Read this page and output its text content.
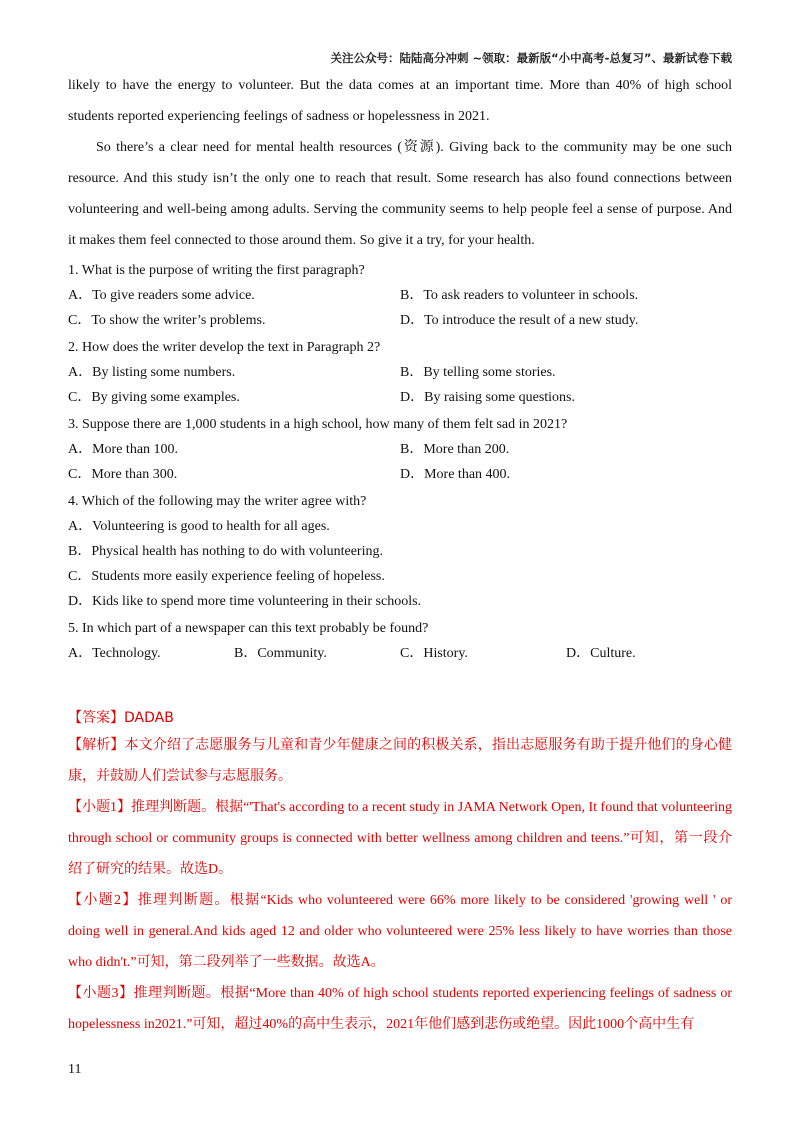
关注公众号：陆陆高分冲刺 ~领取：最新版“小中高考-总复习”、最新试卷下载

likely to have the energy to volunteer. But the data comes at an important time. More than 40% of high school students reported experiencing feelings of sadness or hopelessness in 2021.

So there’s a clear need for mental health resources (资源). Giving back to the community may be one such resource. And this study isn’t the only one to reach that result. Some research has also found connections between volunteering and well-being among adults. Serving the community seems to help people feel a sense of purpose. And it makes them feel connected to those around them. So give it a try, for your health.

1. What is the purpose of writing the first paragraph?
A．To give readers some advice.	B．To ask readers to volunteer in schools.
C．To show the writer’s problems.	D．To introduce the result of a new study.
2. How does the writer develop the text in Paragraph 2?
A．By listing some numbers.	B．By telling some stories.
C．By giving some examples.	D．By raising some questions.
3. Suppose there are 1,000 students in a high school, how many of them felt sad in 2021?
A．More than 100.	B．More than 200.
C．More than 300.	D．More than 400.
4. Which of the following may the writer agree with?
A．Volunteering is good to health for all ages.
B．Physical health has nothing to do with volunteering.
C．Students more easily experience feeling of hopeless.
D．Kids like to spend more time volunteering in their schools.
5. In which part of a newspaper can this text probably be found?
A．Technology.	B．Community.	C．History.	D．Culture.
【答案】DADAB

【解析】本文介绍了志愿服务与儿童和青少年健康之间的积极关系，指出志愿服务有助于提升他们的身心健康，并鼓励人们尝试参与志愿服务。

【小题1】推理判断题。根据“'That's according to a recent study in JAMA Network Open, It found that volunteering through school or community groups is connected with better wellness among children and teens.”可知，第一段介绍了研究的结果。故选D。

【小题2】推理判断题。根据“Kids who volunteered were 66% more likely to be considered 'growing well ' or doing well in general.And kids aged 12 and older who volunteered were 25% less likely to have worries than those who didn't.”可知，第二段列举了一些数据。故选A。

【小题3】推理判断题。根据“More than 40% of high school students reported experiencing feelings of sadness or hopelessness in2021.”可知，超过40%的高中生表示，2021年他们感到悲伤或绝望。因此1000个高中生有

11
